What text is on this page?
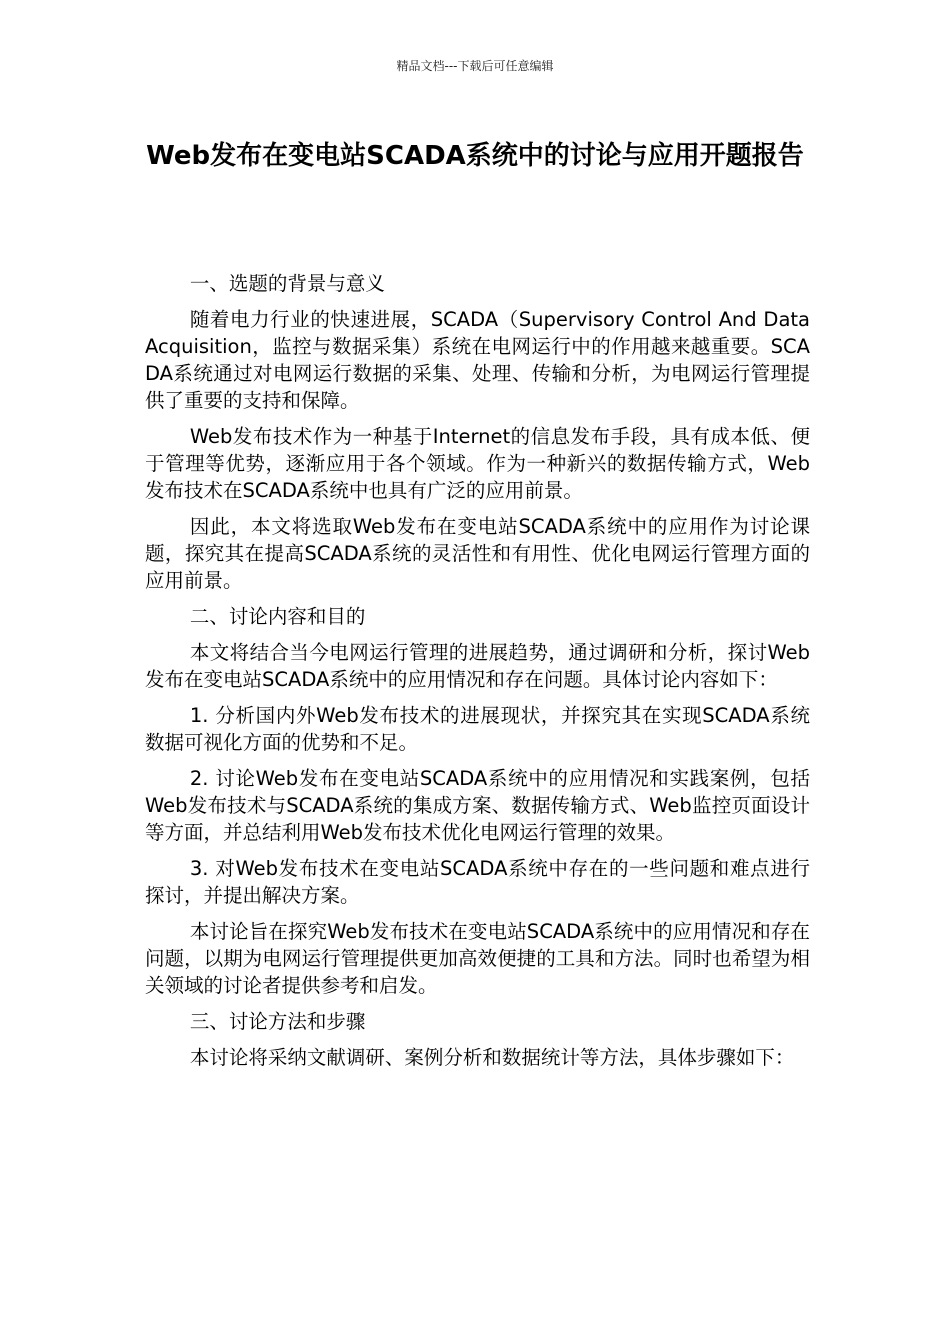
精品文档---下载后可任意编辑
Web发布在变电站SCADA系统中的讨论与应用开题报告

一、选题的背景与意义

随着电力行业的快速进展，SCADA（Supervisory Control And Data Acquisition，监控与数据采集）系统在电网运行中的作用越来越重要。SCADA系统通过对电网运行数据的采集、处理、传输和分析，为电网运行管理提供了重要的支持和保障。

Web发布技术作为一种基于Internet的信息发布手段，具有成本低、便于管理等优势，逐渐应用于各个领域。作为一种新兴的数据传输方式，Web发布技术在SCADA系统中也具有广泛的应用前景。

因此，本文将选取Web发布在变电站SCADA系统中的应用作为讨论课题，探究其在提高SCADA系统的灵活性和有用性、优化电网运行管理方面的应用前景。

二、讨论内容和目的

本文将结合当今电网运行管理的进展趋势，通过调研和分析，探讨Web发布在变电站SCADA系统中的应用情况和存在问题。具体讨论内容如下：

1. 分析国内外Web发布技术的进展现状，并探究其在实现SCADA系统数据可视化方面的优势和不足。

2. 讨论Web发布在变电站SCADA系统中的应用情况和实践案例，包括Web发布技术与SCADA系统的集成方案、数据传输方式、Web监控页面设计等方面，并总结利用Web发布技术优化电网运行管理的效果。

3. 对Web发布技术在变电站SCADA系统中存在的一些问题和难点进行探讨，并提出解决方案。

本讨论旨在探究Web发布技术在变电站SCADA系统中的应用情况和存在问题，以期为电网运行管理提供更加高效便捷的工具和方法。同时也希望为相关领域的讨论者提供参考和启发。

三、讨论方法和步骤

本讨论将采纳文献调研、案例分析和数据统计等方法，具体步骤如下：
